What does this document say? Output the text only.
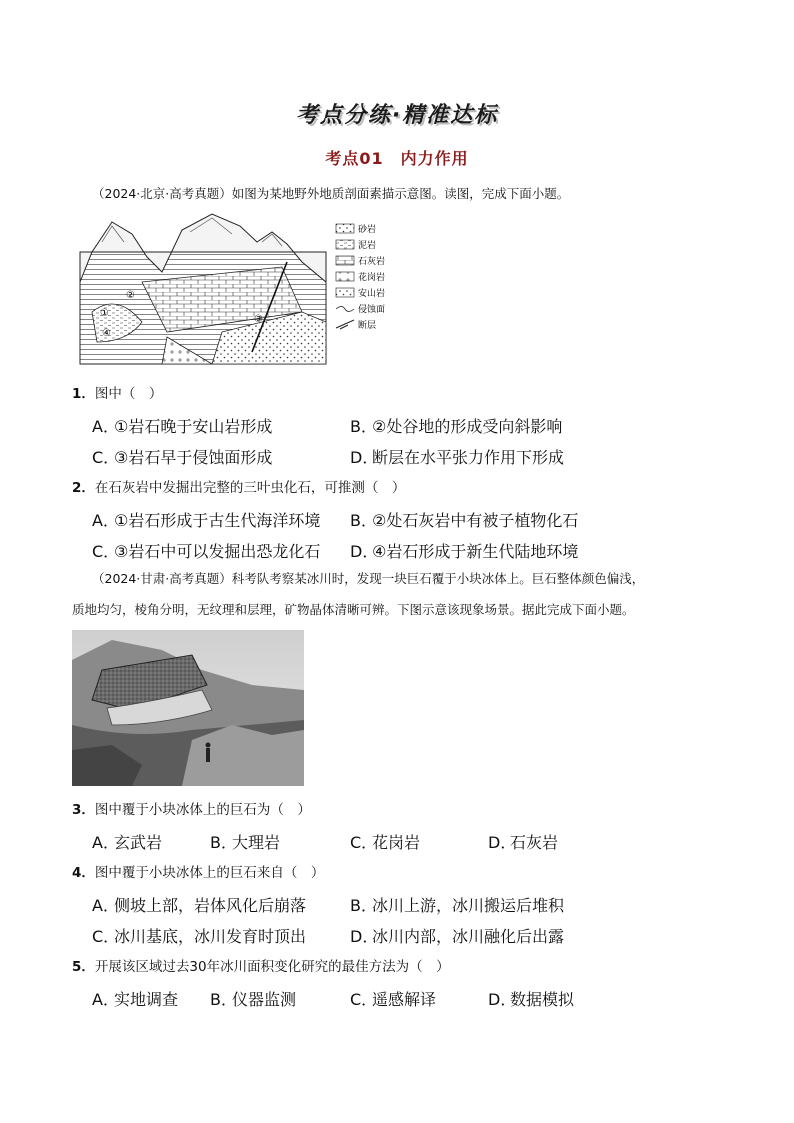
考点分练·精准达标
考点01　内力作用
（2024·北京·高考真题）如图为某地野外地质剖面素描示意图。读图，完成下面小题。
①
②
③
④
砂岩
泥岩
石灰岩
花岗岩
安山岩
侵蚀面
断层
1．图中（　）
A．①岩石晚于安山岩形成	B．②处谷地的形成受向斜影响
C．③岩石早于侵蚀面形成	D．断层在水平张力作用下形成
2．在石灰岩中发掘出完整的三叶虫化石，可推测（　）
A．①岩石形成于古生代海洋环境 B．②处石灰岩中有被子植物化石
C．③岩石中可以发掘出恐龙化石 D．④岩石形成于新生代陆地环境
（2024·甘肃·高考真题）科考队考察某冰川时，发现一块巨石覆于小块冰体上。巨石整体颜色偏浅，
质地均匀，棱角分明，无纹理和层理，矿物晶体清晰可辨。下图示意该现象场景。据此完成下面小题。
3．图中覆于小块冰体上的巨石为（　）
A．玄武岩	B．大理岩	C．花岗岩	D．石灰岩
4．图中覆于小块冰体上的巨石来自（　）
A．侧坡上部，岩体风化后崩落	B．冰川上游，冰川搬运后堆积
C．冰川基底，冰川发育时顶出	D．冰川内部，冰川融化后出露
5．开展该区域过去30年冰川面积变化研究的最佳方法为（　）
A．实地调查 B．仪器监测	C．遥感解译	D．数据模拟
